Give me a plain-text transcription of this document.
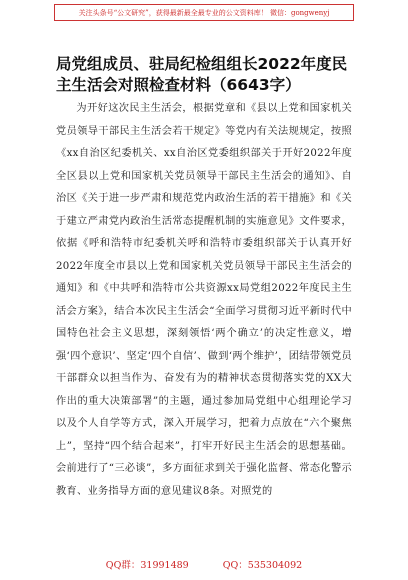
关注头条号“公文研究”，获得最新最全最专业的公文资料库！ 微信：gongwenyj
局党组成员、驻局纪检组组长2022年度民主生活会对照检查材料（6643字）

为开好这次民主生活会，根据党章和《县以上党和国家机关党员领导干部民主生活会若干规定》等党内有关法规规定，按照《xx自治区纪委机关、xx自治区党委组织部关于开好2022年度全区县以上党和国家机关党员领导干部民主生活会的通知》、自治区《关于进一步严肃和规范党内政治生活的若干措施》和《关于建立严肃党内政治生活常态提醒机制的实施意见》文件要求，依据《呼和浩特市纪委机关呼和浩特市委组织部关于认真开好2022年度全市县以上党和国家机关党员领导干部民主生活会的通知》和《中共呼和浩特市公共资源xx局党组2022年度民主生活会方案》，结合本次民主生活会“全面学习贯彻习近平新时代中国特色社会主义思想，深刻领悟‘两个确立’的决定性意义，增强‘四个意识’、坚定‘四个自信’、做到‘两个维护’，团结带领党员干部群众以担当作为、奋发有为的精神状态贯彻落实党的XX大作出的重大决策部署”的主题，通过参加局党组中心组理论学习以及个人自学等方式，深入开展学习，把着力点放在“六个聚焦上”，坚持“四个结合起来”，打牢开好民主生活会的思想基础。会前进行了“三必谈”，多方面征求到关于强化监督、常态化警示教育、业务指导方面的意见建议8条。对照党的

QQ群：31991489	QQ：535304092
